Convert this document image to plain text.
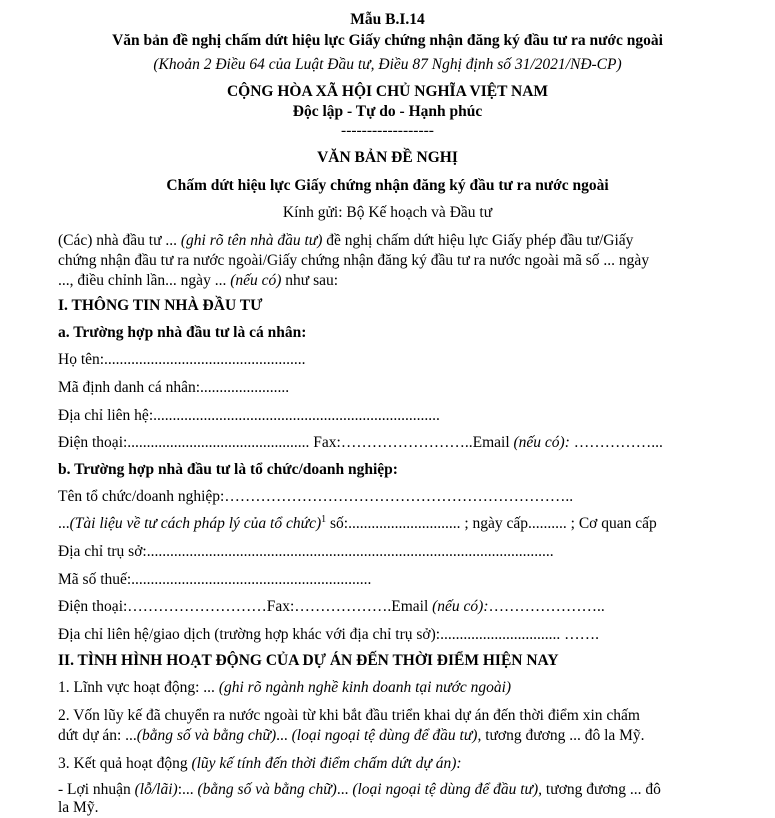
Mẫu B.I.14
Văn bản đề nghị chấm dứt hiệu lực Giấy chứng nhận đăng ký đầu tư ra nước ngoài
(Khoản 2 Điều 64 của Luật Đầu tư, Điều 87 Nghị định số 31/2021/NĐ-CP)
CỘNG HÒA XÃ HỘI CHỦ NGHĨA VIỆT NAM
Độc lập - Tự do - Hạnh phúc
------------------
VĂN BẢN ĐỀ NGHỊ
Chấm dứt hiệu lực Giấy chứng nhận đăng ký đầu tư ra nước ngoài
Kính gửi: Bộ Kế hoạch và Đầu tư
(Các) nhà đầu tư ... (ghi rõ tên nhà đầu tư) đề nghị chấm dứt hiệu lực Giấy phép đầu tư/Giấy
chứng nhận đầu tư ra nước ngoài/Giấy chứng nhận đăng ký đầu tư ra nước ngoài mã số ... ngày
..., điều chỉnh lần... ngày ... (nếu có) như sau:
I. THÔNG TIN NHÀ ĐẦU TƯ
a. Trường hợp nhà đầu tư là cá nhân:
Họ tên:....................................................
Mã định danh cá nhân:.......................
Địa chỉ liên hệ:..........................................................................
Điện thoại:............................................... Fax:……………………..Email (nếu có): ……………...
b. Trường hợp nhà đầu tư là tổ chức/doanh nghiệp:
Tên tổ chức/doanh nghiệp:…………………………………………………………..
...(Tài liệu về tư cách pháp lý của tổ chức)$^1$ số:............................. ; ngày cấp.......... ; Cơ quan cấp
Địa chỉ trụ sở:.........................................................................................................
Mã số thuế:..............................................................
Điện thoại:………………………Fax:……………….Email (nếu có):…………………..
Địa chỉ liên hệ/giao dịch (trường hợp khác với địa chỉ trụ sở):............................... …….
II. TÌNH HÌNH HOẠT ĐỘNG CỦA DỰ ÁN ĐẾN THỜI ĐIỂM HIỆN NAY
1. Lĩnh vực hoạt động: ... (ghi rõ ngành nghề kinh doanh tại nước ngoài)
2. Vốn lũy kế đã chuyển ra nước ngoài từ khi bắt đầu triển khai dự án đến thời điểm xin chấm
dứt dự án: ...(bằng số và bằng chữ)... (loại ngoại tệ dùng để đầu tư), tương đương ... đô la Mỹ.
3. Kết quả hoạt động (lũy kế tính đến thời điểm chấm dứt dự án):
- Lợi nhuận (lỗ/lãi):... (bằng số và bằng chữ)... (loại ngoại tệ dùng để đầu tư), tương đương ... đô
la Mỹ.
